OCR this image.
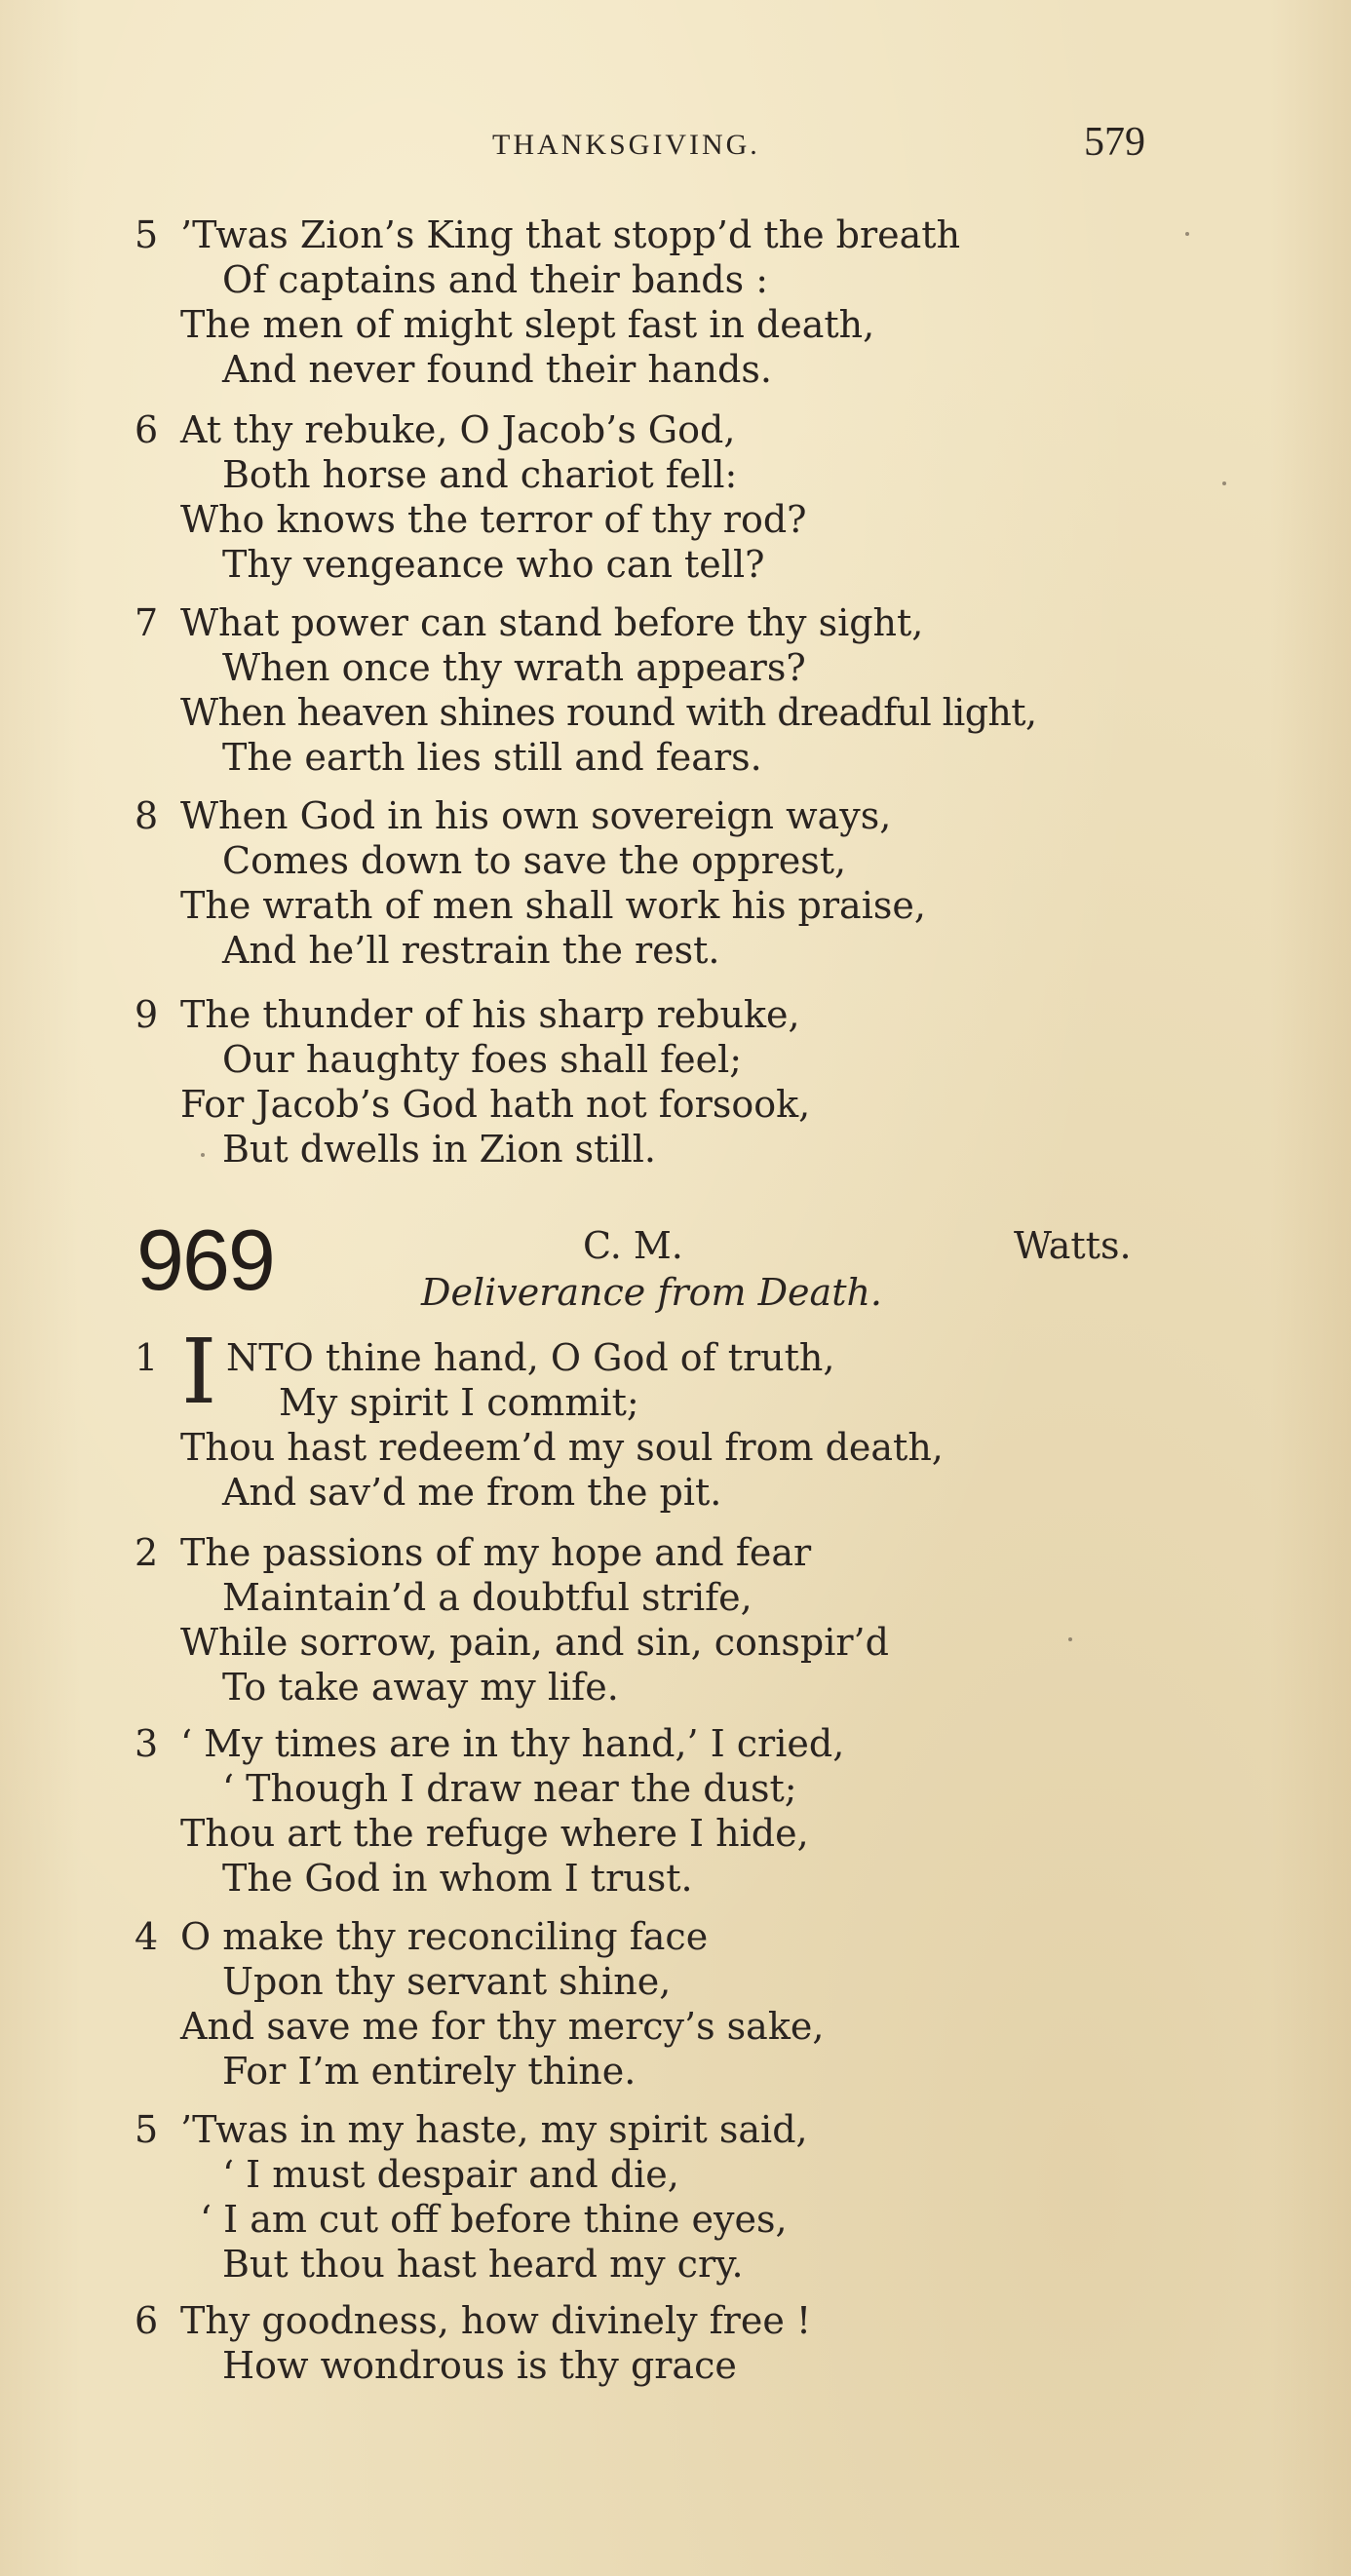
THANKSGIVING.	579
5 ’Twas Zion’s King that stopp’d the breath
Of captains and their bands :
The men of might slept fast in death,
And never found their hands.
6 At thy rebuke, O Jacob’s God,
Both horse and chariot fell:
Who knows the terror of thy rod?
Thy vengeance who can tell?
7 What power can stand before thy sight,
When once thy wrath appears?
When heaven shines round with dreadful light,
The earth lies still and fears.
8 When God in his own sovereign ways,
Comes down to save the opprest,
The wrath of men shall work his praise,
And he’ll restrain the rest.
9 The thunder of his sharp rebuke,
Our haughty foes shall feel;
For Jacob’s God hath not forsook,
But dwells in Zion still.
969	C. M.	Watts.
Deliverance from Death.
1 I NTO thine hand, O God of truth,
My spirit I commit;
Thou hast redeem’d my soul from death,
And sav’d me from the pit.
2 The passions of my hope and fear
Maintain’d a doubtful strife,
While sorrow, pain, and sin, conspir’d
To take away my life.
3 ‘ My times are in thy hand,’ I cried,
‘ Though I draw near the dust;
Thou art the refuge where I hide,
The God in whom I trust.
4 O make thy reconciling face
Upon thy servant shine,
And save me for thy mercy’s sake,
For I’m entirely thine.
5 ’Twas in my haste, my spirit said,
‘ I must despair and die,
‘ I am cut off before thine eyes,
But thou hast heard my cry.
6 Thy goodness, how divinely free !
How wondrous is thy grace
